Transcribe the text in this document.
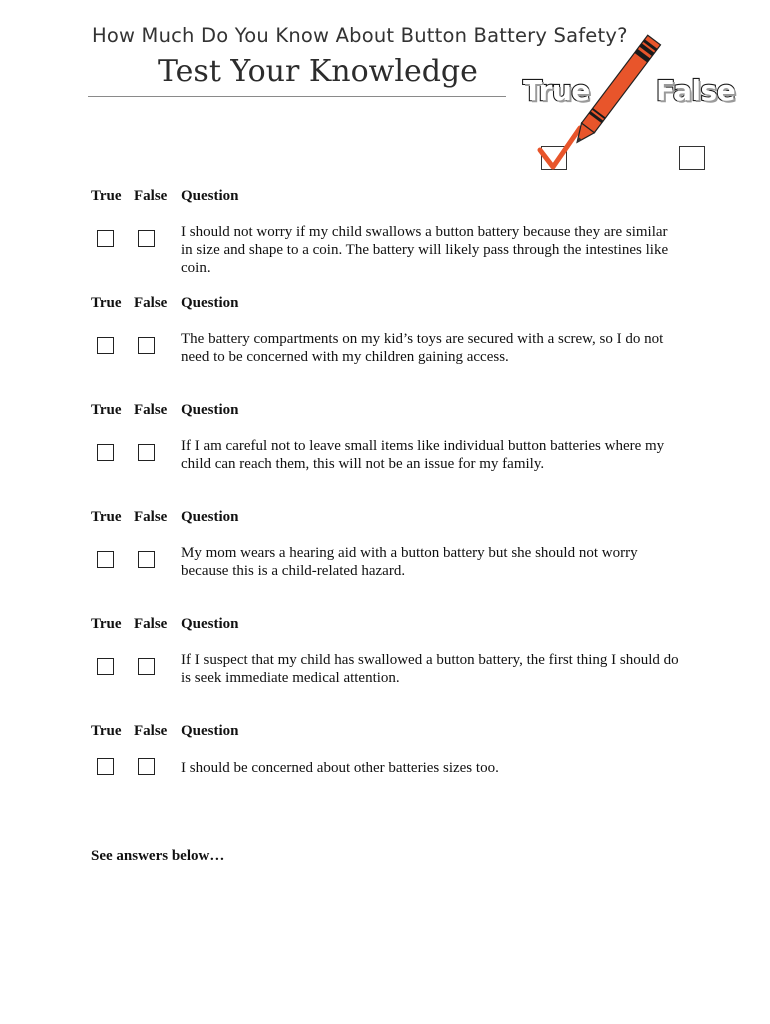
How Much Do You Know About Button Battery Safety?
Test Your Knowledge
True False
True False Question
I should not worry if my child swallows a button battery because they are similar in size and shape to a coin. The battery will likely pass through the intestines like coin.
True False Question
The battery compartments on my kid’s toys are secured with a screw, so I do not need to be concerned with my children gaining access.
True False Question
If I am careful not to leave small items like individual button batteries where my child can reach them, this will not be an issue for my family.
True False Question
My mom wears a hearing aid with a button battery but she should not worry because this is a child-related hazard.
True False Question
If I suspect that my child has swallowed a button battery, the first thing I should do is seek immediate medical attention.
True False Question
I should be concerned about other batteries sizes too.
See answers below…
